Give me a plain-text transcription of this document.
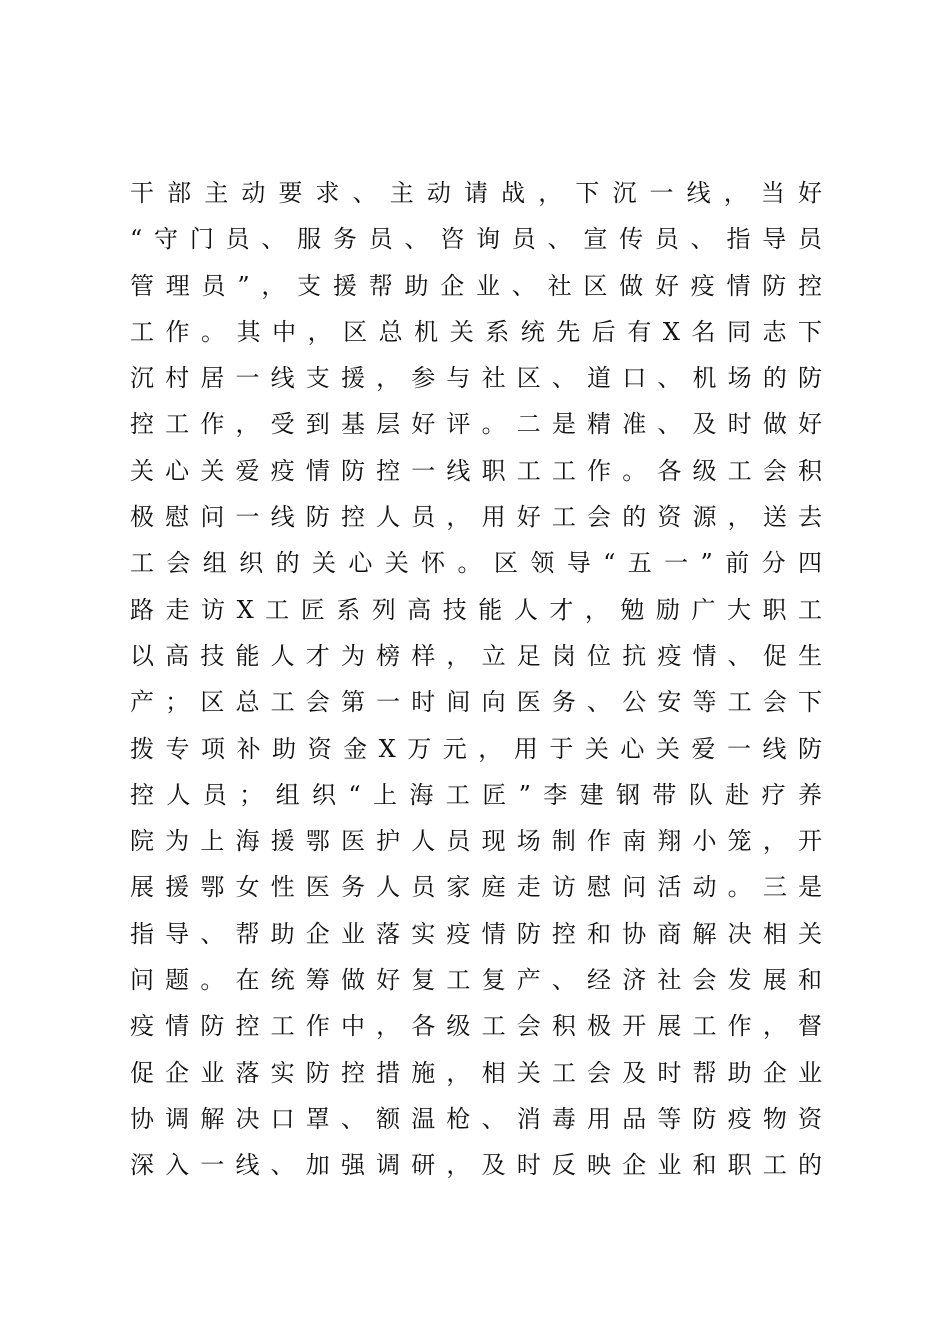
干部主动要求、主动请战，下沉一线，当好
“守门员、服务员、咨询员、宣传员、指导员
管理员”，支援帮助企业、社区做好疫情防控
工作。其中，区总机关系统先后有X名同志下
沉村居一线支援，参与社区、道口、机场的防
控工作，受到基层好评。二是精准、及时做好
关心关爱疫情防控一线职工工作。各级工会积
极慰问一线防控人员，用好工会的资源，送去
工会组织的关心关怀。区领导“五一”前分四
路走访X工匠系列高技能人才，勉励广大职工
以高技能人才为榜样，立足岗位抗疫情、促生
产；区总工会第一时间向医务、公安等工会下
拨专项补助资金X万元，用于关心关爱一线防
控人员；组织“上海工匠”李建钢带队赴疗养
院为上海援鄂医护人员现场制作南翔小笼，开
展援鄂女性医务人员家庭走访慰问活动。三是
指导、帮助企业落实疫情防控和协商解决相关
问题。在统筹做好复工复产、经济社会发展和
疫情防控工作中，各级工会积极开展工作，督
促企业落实防控措施，相关工会及时帮助企业
协调解决口罩、额温枪、消毒用品等防疫物资
深入一线、加强调研，及时反映企业和职工的
